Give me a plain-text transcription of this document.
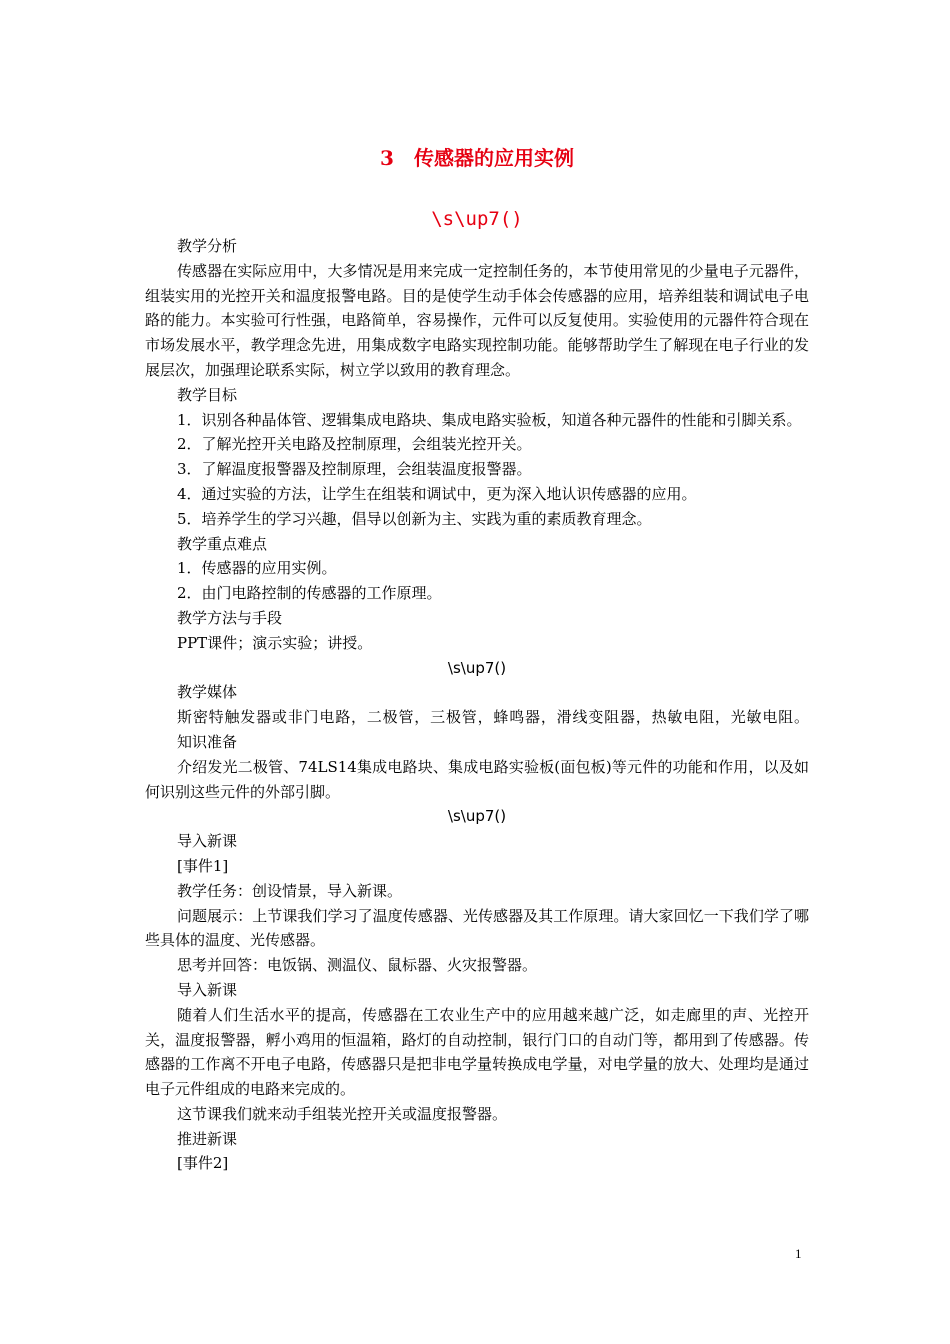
3　传感器的应用实例
\s\up7()

教学分析

传感器在实际应用中，大多情况是用来完成一定控制任务的，本节使用常见的少量电子元器件，组装实用的光控开关和温度报警电路。目的是使学生动手体会传感器的应用，培养组装和调试电子电路的能力。本实验可行性强，电路简单，容易操作，元件可以反复使用。实验使用的元器件符合现在市场发展水平，教学理念先进，用集成数字电路实现控制功能。能够帮助学生了解现在电子行业的发展层次，加强理论联系实际，树立学以致用的教育理念。

教学目标

1．识别各种晶体管、逻辑集成电路块、集成电路实验板，知道各种元器件的性能和引脚关系。

2．了解光控开关电路及控制原理，会组装光控开关。

3．了解温度报警器及控制原理，会组装温度报警器。

4．通过实验的方法，让学生在组装和调试中，更为深入地认识传感器的应用。

5．培养学生的学习兴趣，倡导以创新为主、实践为重的素质教育理念。

教学重点难点

1．传感器的应用实例。

2．由门电路控制的传感器的工作原理。

教学方法与手段

PPT课件；演示实验；讲授。

\s\up7()

教学媒体

斯密特触发器或非门电路，二极管，三极管，蜂鸣器，滑线变阻器，热敏电阻，光敏电阻。

知识准备

介绍发光二极管、74LS14集成电路块、集成电路实验板(面包板)等元件的功能和作用，以及如何识别这些元件的外部引脚。

\s\up7()

导入新课

[事件1]

教学任务：创设情景，导入新课。

问题展示：上节课我们学习了温度传感器、光传感器及其工作原理。请大家回忆一下我们学了哪些具体的温度、光传感器。

思考并回答：电饭锅、测温仪、鼠标器、火灾报警器。

导入新课

随着人们生活水平的提高，传感器在工农业生产中的应用越来越广泛，如走廊里的声、光控开关，温度报警器，孵小鸡用的恒温箱，路灯的自动控制，银行门口的自动门等，都用到了传感器。传感器的工作离不开电子电路，传感器只是把非电学量转换成电学量，对电学量的放大、处理均是通过电子元件组成的电路来完成的。

这节课我们就来动手组装光控开关或温度报警器。

推进新课

[事件2]

1
